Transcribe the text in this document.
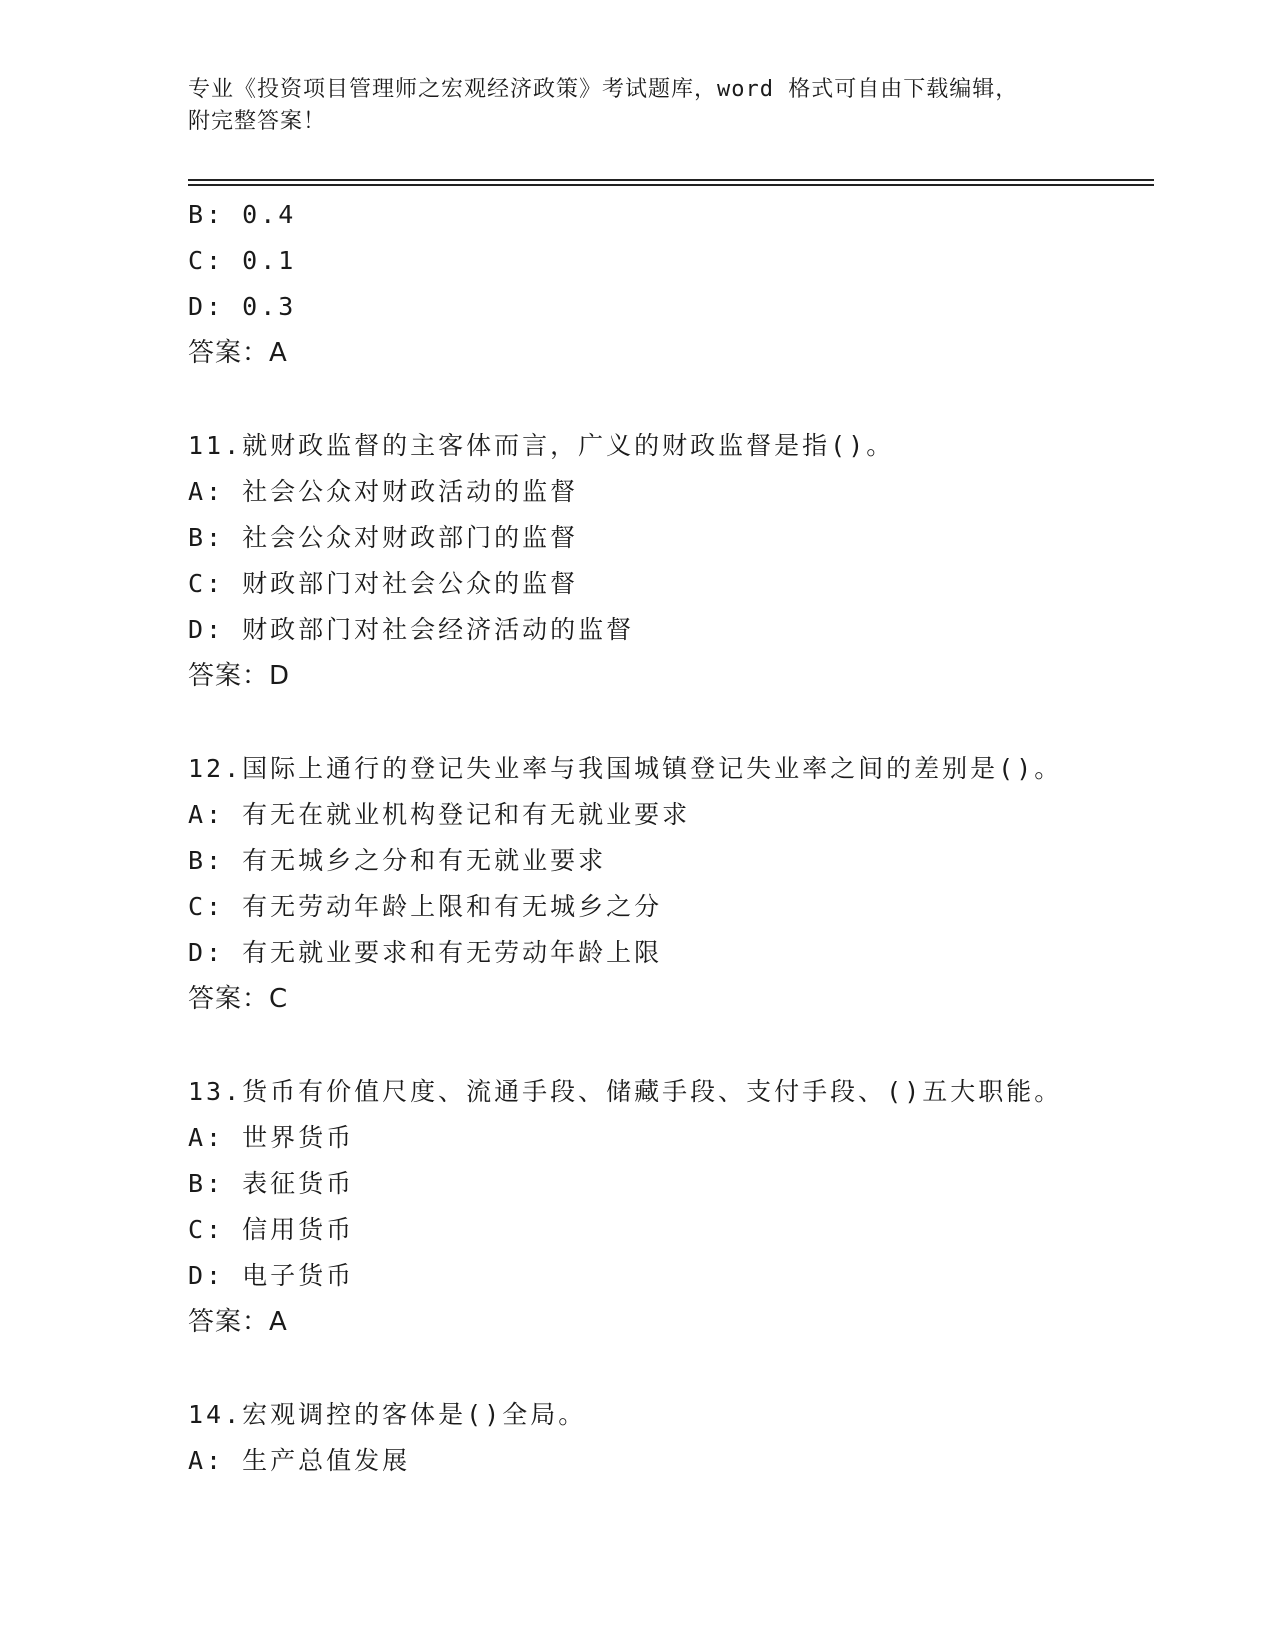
专业《投资项目管理师之宏观经济政策》考试题库，word 格式可自由下载编辑，
附完整答案！
B: 0.4
C: 0.1
D: 0.3
答案：A
11.就财政监督的主客体而言，广义的财政监督是指()。
A: 社会公众对财政活动的监督
B: 社会公众对财政部门的监督
C: 财政部门对社会公众的监督
D: 财政部门对社会经济活动的监督
答案：D
12.国际上通行的登记失业率与我国城镇登记失业率之间的差别是()。
A: 有无在就业机构登记和有无就业要求
B: 有无城乡之分和有无就业要求
C: 有无劳动年龄上限和有无城乡之分
D: 有无就业要求和有无劳动年龄上限
答案：C
13.货币有价值尺度、流通手段、储藏手段、支付手段、()五大职能。
A: 世界货币
B: 表征货币
C: 信用货币
D: 电子货币
答案：A
14.宏观调控的客体是()全局。
A: 生产总值发展
